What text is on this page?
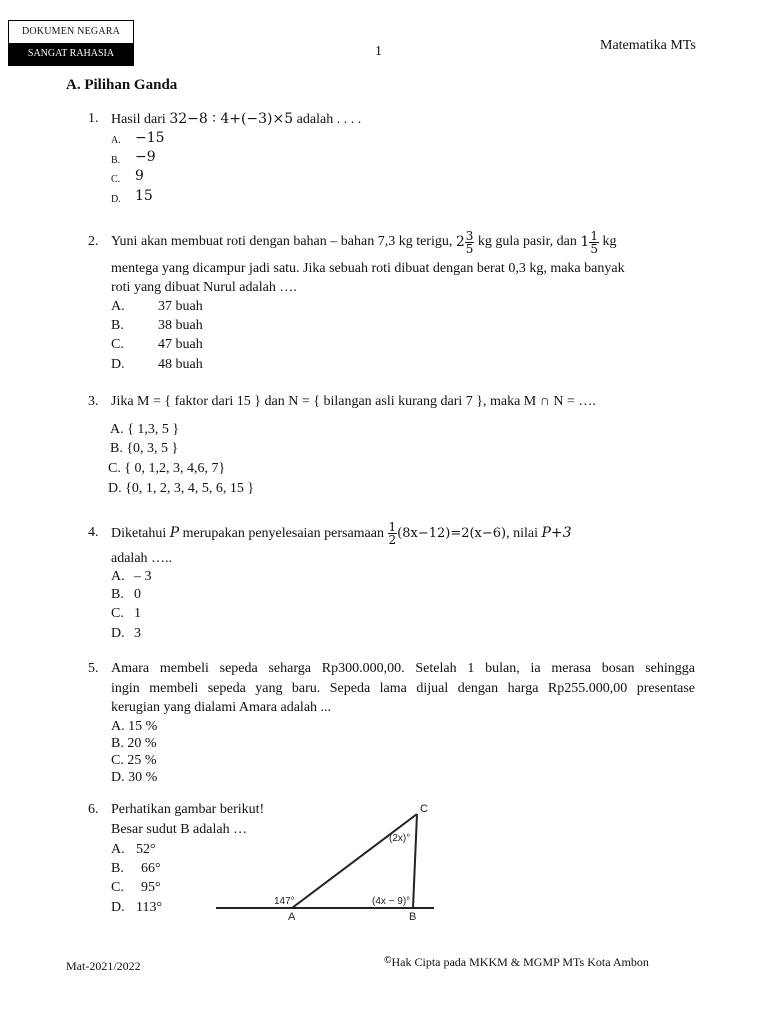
DOKUMEN NEGARA
SANGAT RAHASIA	1	Matematika MTs
A. Pilihan Ganda
1. Hasil dari 32−8 ∶ 4+(−3)×5 adalah . . . .
A. −15
B. −9
C. 9
D. 15
2. Yuni akan membuat roti dengan bahan – bahan 7,3 kg terigu, $2 \frac{3}{5}$ kg gula pasir, dan $1 \frac{1}{5}$ kg
mentega yang dicampur jadi satu. Jika sebuah roti dibuat dengan berat 0,3 kg, maka banyak
roti yang dibuat Nurul adalah ….
A. 37 buah
B. 38 buah
C. 47 buah
D. 48 buah
3. Jika M = { faktor dari 15 } dan N = { bilangan asli kurang dari 7 }, maka M ∩ N = ….
A. { 1,3, 5 }
B. {0, 3, 5 }
C. { 0, 1,2, 3, 4,6, 7}
D. {0, 1, 2, 3, 4, 5, 6, 15 }
4. Diketahui P merupakan penyelesaian persamaan $\frac{1}{2} (8x-12)=2(x-6)$, nilai P+3
adalah …..
A. – 3
B. 0
C. 1
D. 3
5. Amara membeli sepeda seharga Rp300.000,00. Setelah 1 bulan, ia merasa bosan sehingga
ingin membeli sepeda yang baru. Sepeda lama dijual dengan harga Rp255.000,00 presentase
kerugian yang dialami Amara adalah ...
A. 15 %
B. 20 %
C. 25 %
D. 30 %
6. Perhatikan gambar berikut!
Besar sudut B adalah …
A. 52°
B. 66°
C. 95°
D. 113°
C
A	B
147°	(4x − 9)°
(2x)°
Mat-2021/2022	©Hak Cipta pada MKKM & MGMP MTs Kota Ambon
